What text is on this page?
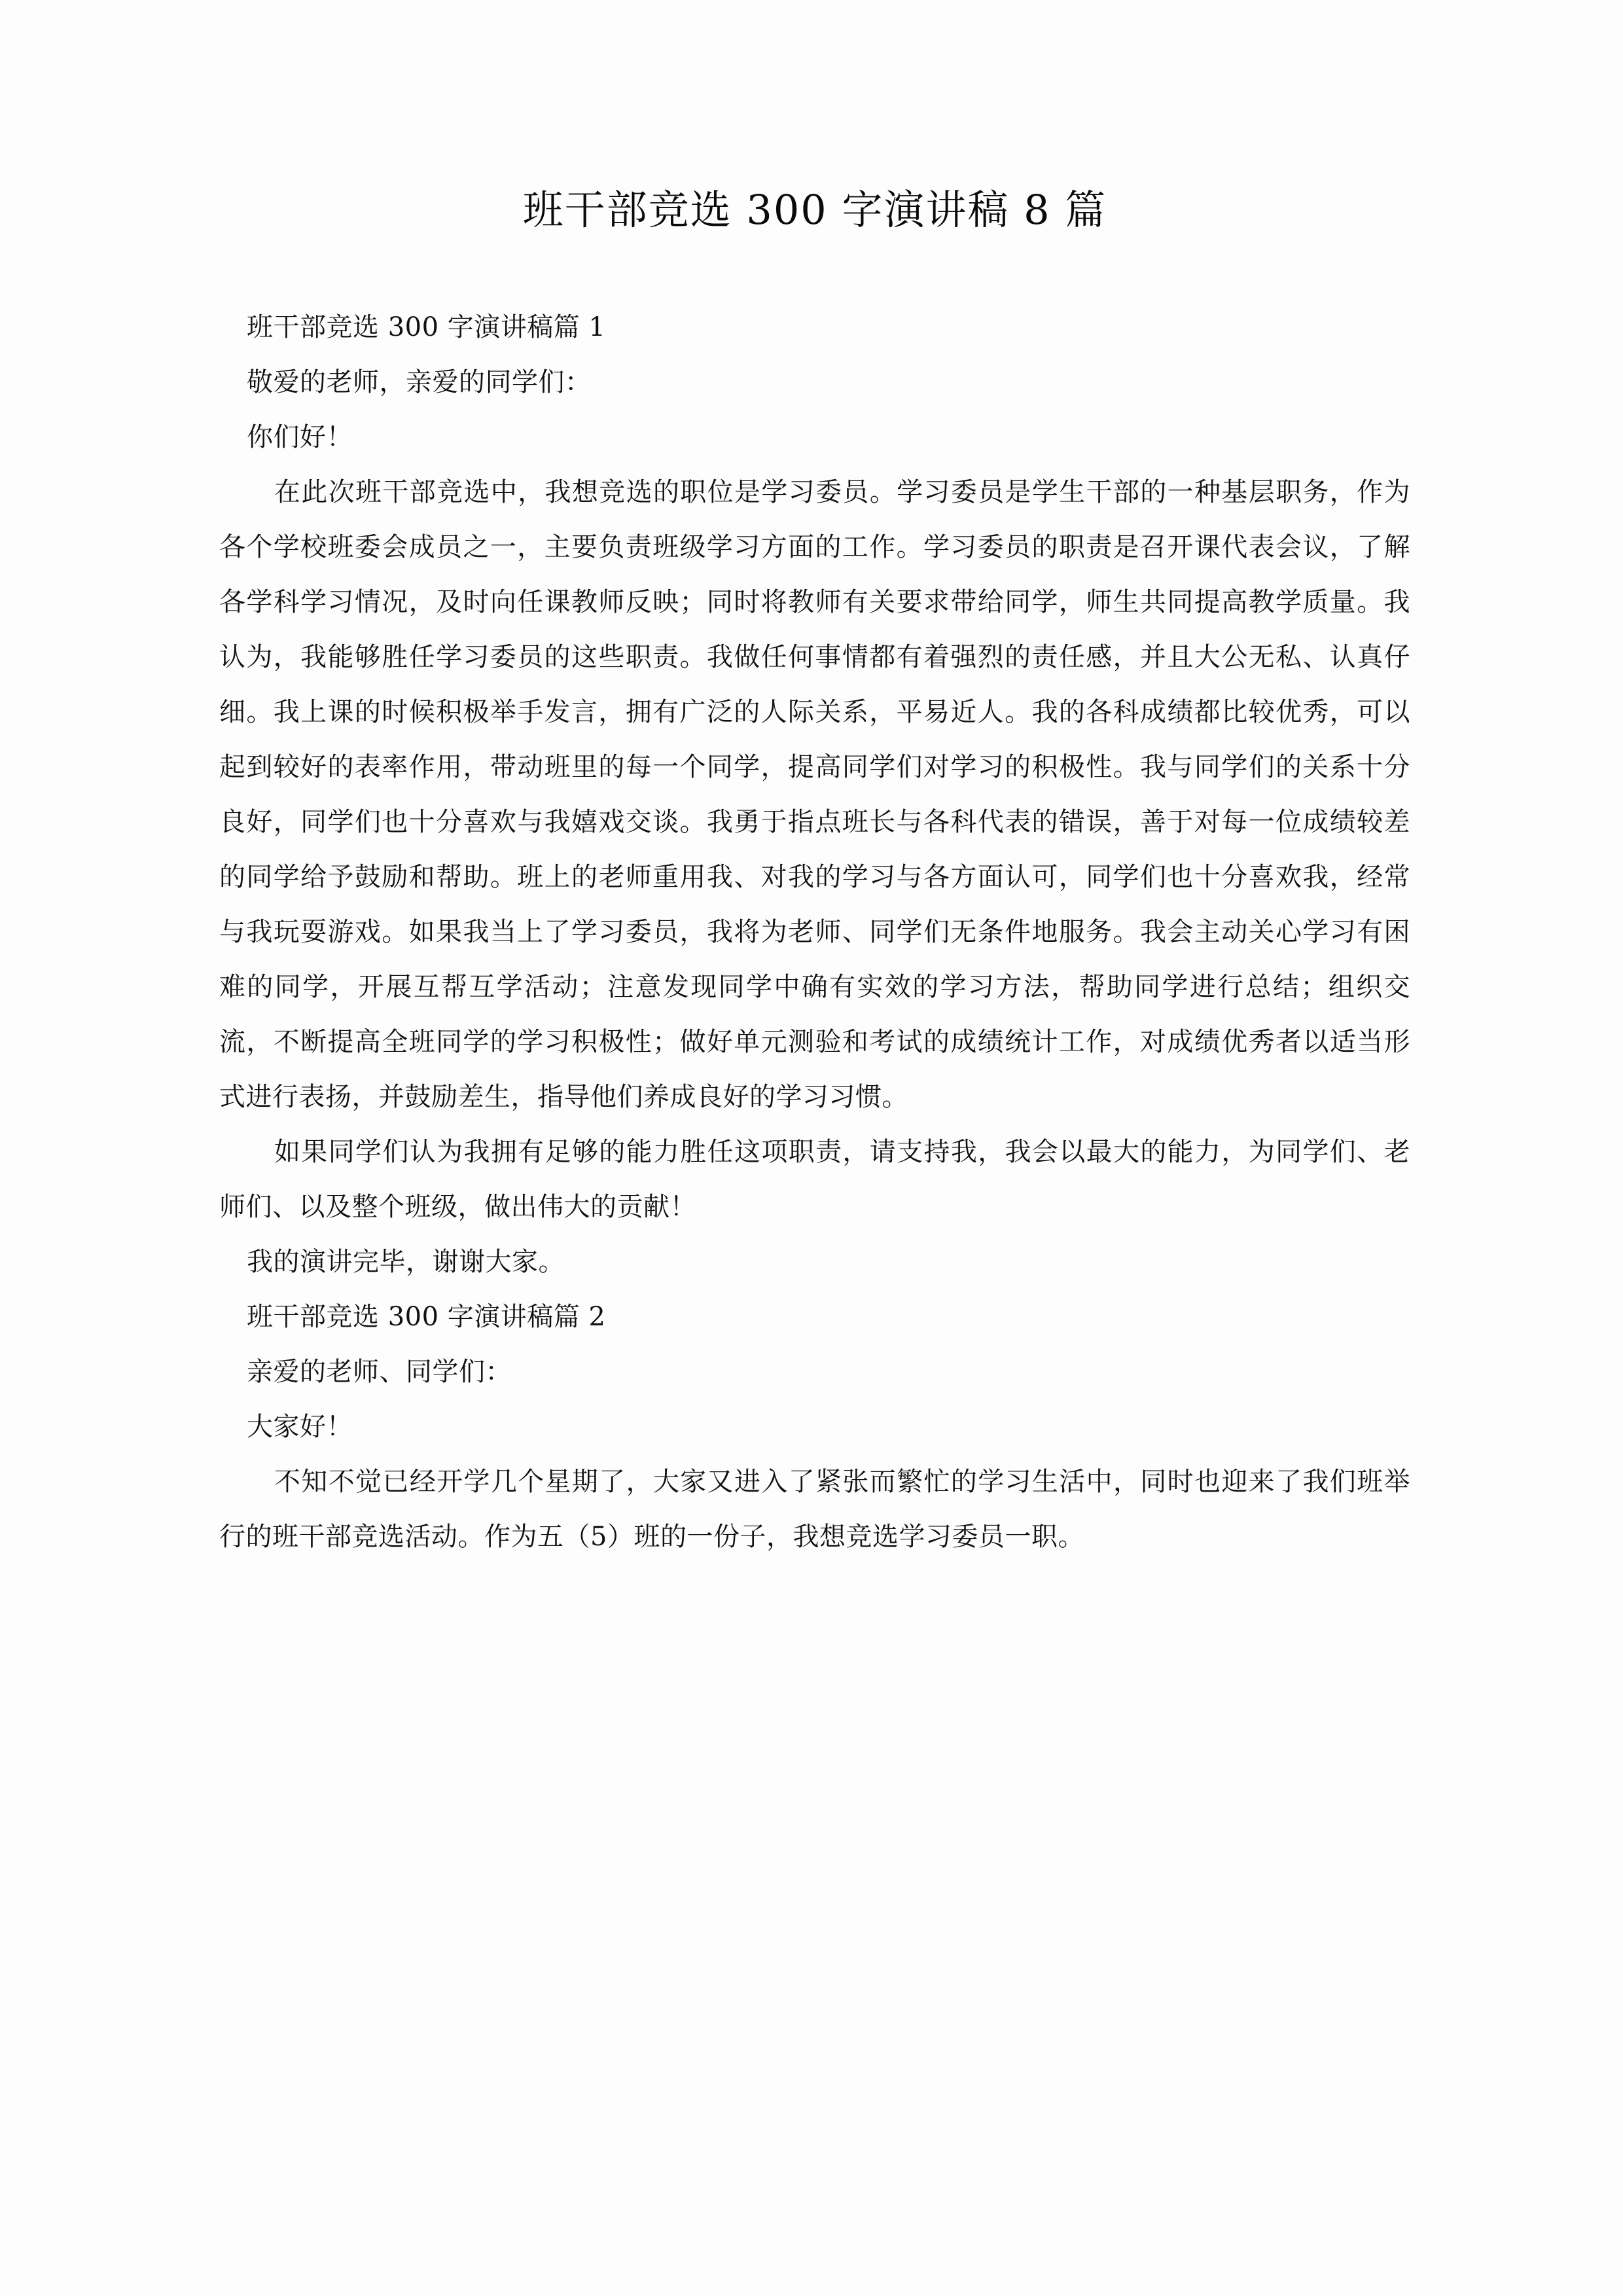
班干部竞选 300 字演讲稿 8 篇

班干部竞选 300 字演讲稿篇 1

敬爱的老师，亲爱的同学们：

你们好！

在此次班干部竞选中，我想竞选的职位是学习委员。学习委员是学生干部的一种基层职务，作为各个学校班委会成员之一，主要负责班级学习方面的工作。学习委员的职责是召开课代表会议，了解各学科学习情况，及时向任课教师反映；同时将教师有关要求带给同学，师生共同提高教学质量。我认为，我能够胜任学习委员的这些职责。我做任何事情都有着强烈的责任感，并且大公无私、认真仔细。我上课的时候积极举手发言，拥有广泛的人际关系，平易近人。我的各科成绩都比较优秀，可以起到较好的表率作用，带动班里的每一个同学，提高同学们对学习的积极性。我与同学们的关系十分良好，同学们也十分喜欢与我嬉戏交谈。我勇于指点班长与各科代表的错误，善于对每一位成绩较差的同学给予鼓励和帮助。班上的老师重用我、对我的学习与各方面认可，同学们也十分喜欢我，经常与我玩耍游戏。如果我当上了学习委员，我将为老师、同学们无条件地服务。我会主动关心学习有困难的同学，开展互帮互学活动；注意发现同学中确有实效的学习方法，帮助同学进行总结；组织交流，不断提高全班同学的学习积极性；做好单元测验和考试的成绩统计工作，对成绩优秀者以适当形式进行表扬，并鼓励差生，指导他们养成良好的学习习惯。

如果同学们认为我拥有足够的能力胜任这项职责，请支持我，我会以最大的能力，为同学们、老师们、以及整个班级，做出伟大的贡献！

我的演讲完毕，谢谢大家。

班干部竞选 300 字演讲稿篇 2

亲爱的老师、同学们：

大家好！

不知不觉已经开学几个星期了，大家又进入了紧张而繁忙的学习生活中，同时也迎来了我们班举行的班干部竞选活动。作为五（5）班的一份子，我想竞选学习委员一职。
